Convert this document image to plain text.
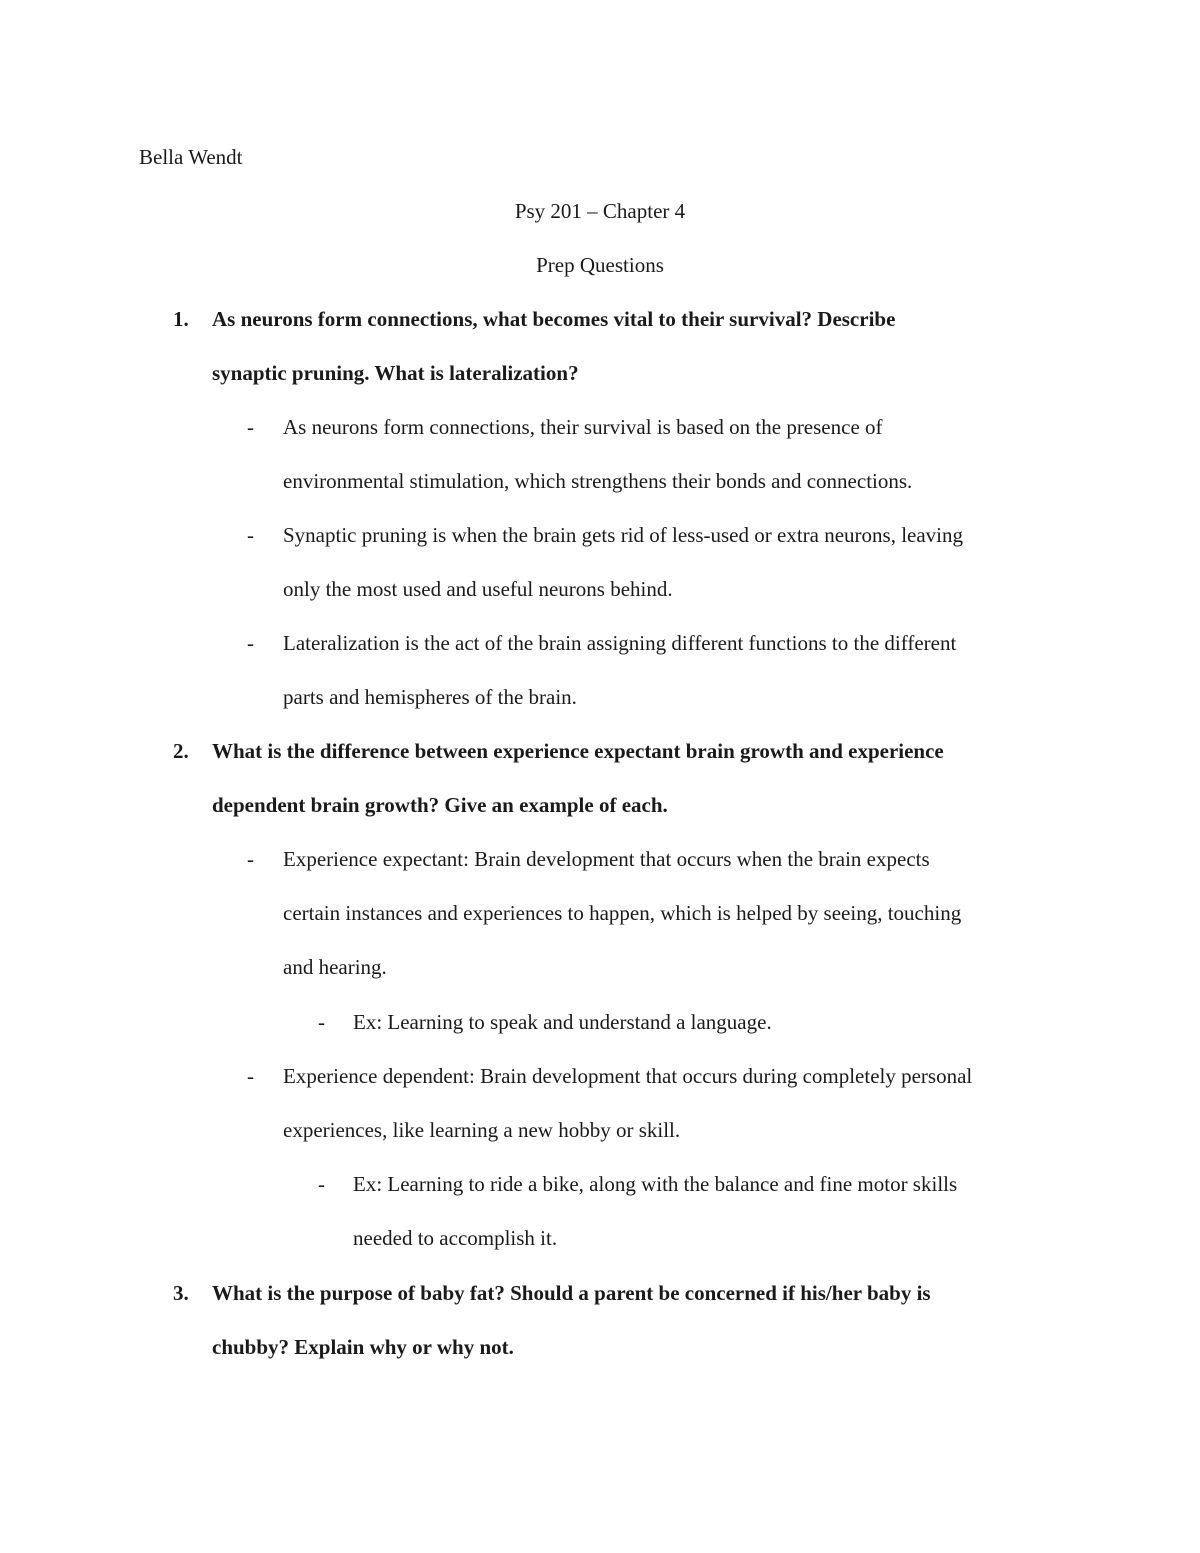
Bella Wendt
Psy 201 – Chapter 4
Prep Questions
1. As neurons form connections, what becomes vital to their survival? Describe
synaptic pruning. What is lateralization?
- As neurons form connections, their survival is based on the presence of
environmental stimulation, which strengthens their bonds and connections.
- Synaptic pruning is when the brain gets rid of less-used or extra neurons, leaving
only the most used and useful neurons behind.
- Lateralization is the act of the brain assigning different functions to the different
parts and hemispheres of the brain.
2. What is the difference between experience expectant brain growth and experience
dependent brain growth? Give an example of each.
- Experience expectant: Brain development that occurs when the brain expects
certain instances and experiences to happen, which is helped by seeing, touching
and hearing.
- Ex: Learning to speak and understand a language.
- Experience dependent: Brain development that occurs during completely personal
experiences, like learning a new hobby or skill.
- Ex: Learning to ride a bike, along with the balance and fine motor skills
needed to accomplish it.
3. What is the purpose of baby fat? Should a parent be concerned if his/her baby is
chubby? Explain why or why not.
